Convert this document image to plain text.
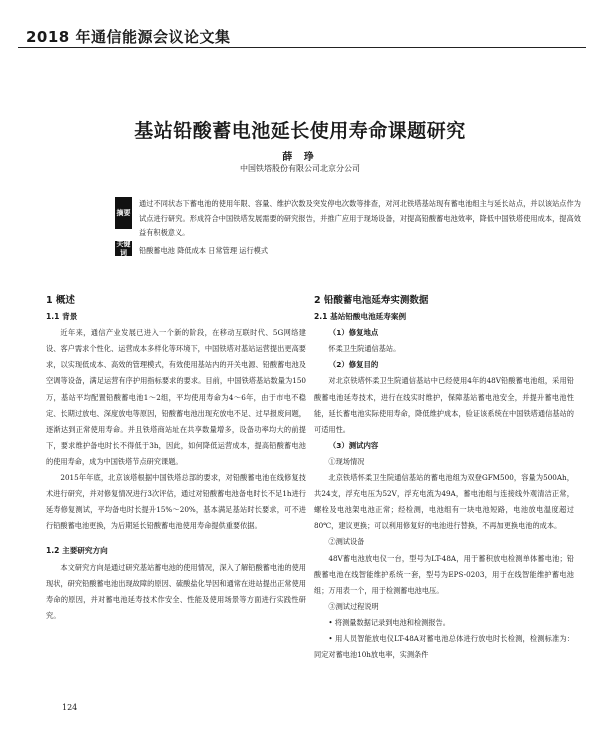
2018 年通信能源会议论文集
基站铅酸蓄电池延长使用寿命课题研究
薛 琤
中国铁塔股份有限公司北京分公司
摘要
通过不同状态下蓄电池的使用年限、容量、维护次数及突发停电次数等排查，对河北铁塔基站现有蓄电池组主与延长站点，并以该站点作为试点进行研究。形成符合中国铁塔发展需要的研究报告，并推广应用于现场设备，对提高铅酸蓄电池效率，降低中国铁塔使用成本，提高效益有积极意义。
关键词	铅酸蓄电池 降低成本 日常管理 运行模式
1 概述
1.1 背景

近年来，通信产业发展已进入一个新的阶段，在移动互联时代、5G网络建设、客户需求个性化、运营成本多样化等环境下，中国铁塔对基站运营提出更高要求，以实现低成本、高效的管理模式，有效使用基站内的开关电源、铅酸蓄电池及空调等设备，满足运营有序护用指标要求的要求。目前，中国铁塔基站数量为150万，基站平均配置铅酸蓄电池1～2组，平均使用寿命为4～6年，由于市电不稳定、长期过放电、深度放电等原因，铅酸蓄电池出现充放电不足、过早报废问题，逐渐达到正常使用寿命。并且铁塔商站址在共享数量增多，设备功率均大的前提下，要求维护备电时长不得低于3h，因此，如何降低运营成本，提高铅酸蓄电池的使用寿命，成为中国铁塔节点研究课题。

2015年年底，北京该塔根据中国铁塔总部的要求，对铅酸蓄电池在线修复技术进行研究，并对修复情况进行3次评估，通过对铅酸蓄电池备电时长不足1h进行延寿修复测试，平均备电时长提升15%～20%，基本满足基站时长要求，可不进行铅酸蓄电池更换，为后期延长铅酸蓄电池使用寿命提供重要依据。

1.2 主要研究方向

本文研究方向是通过研究基站蓄电池的使用情况，深入了解铅酸蓄电池的使用现状，研究铅酸蓄电池出现故障的原因、硫酸盐化导因和通常在进站提出正常使用寿命的原因，并对蓄电池延寿技术作安全、性能及使用场景等方面进行实践性研究。

2 铅酸蓄电池延寿实测数据
2.1 基站铅酸电池延寿案例

（1）修复地点

怀柔卫生院通信基站。

（2）修复目的

对北京铁塔怀柔卫生院通信基站中已经使用4年的48V铅酸蓄电池组，采用铅酸蓄电池延寿技术，进行在线实时维护，保障基站蓄电池安全，并提升蓄电池性能，延长蓄电池实际使用寿命，降低维护成本，验证该系统在中国铁塔通信基站的可适用性。

（3）测试内容

①现场情况

北京铁塔怀柔卫生院通信基站的蓄电池组为双登GFM500，容量为500Ah，共24支，浮充电压为52V，浮充电流为49A，蓄电池组与连接线外观清洁正常，螺栓及电池架电池正常；经检测，电池组有一块电池短路，电池放电温度超过80℃，建议更换；可以利用修复好的电池进行替换，不再加更换电池的成本。

②测试设备

48V蓄电池放电仪一台，型号为LT-48A，用于蓄积放电检测单体蓄电池；铅酸蓄电池在线智能维护系统一套，型号为EPS-0203，用于在线智能维护蓄电池组；万用表一个，用于检测蓄电池电压。

③测试过程说明

• 将测量数据记录到电池和检测报告。

• 用人员智能放电仪LT-48A对蓄电池总体进行放电时长检测，检测标准为：同定对蓄电池10h放电率，实测条件

124
